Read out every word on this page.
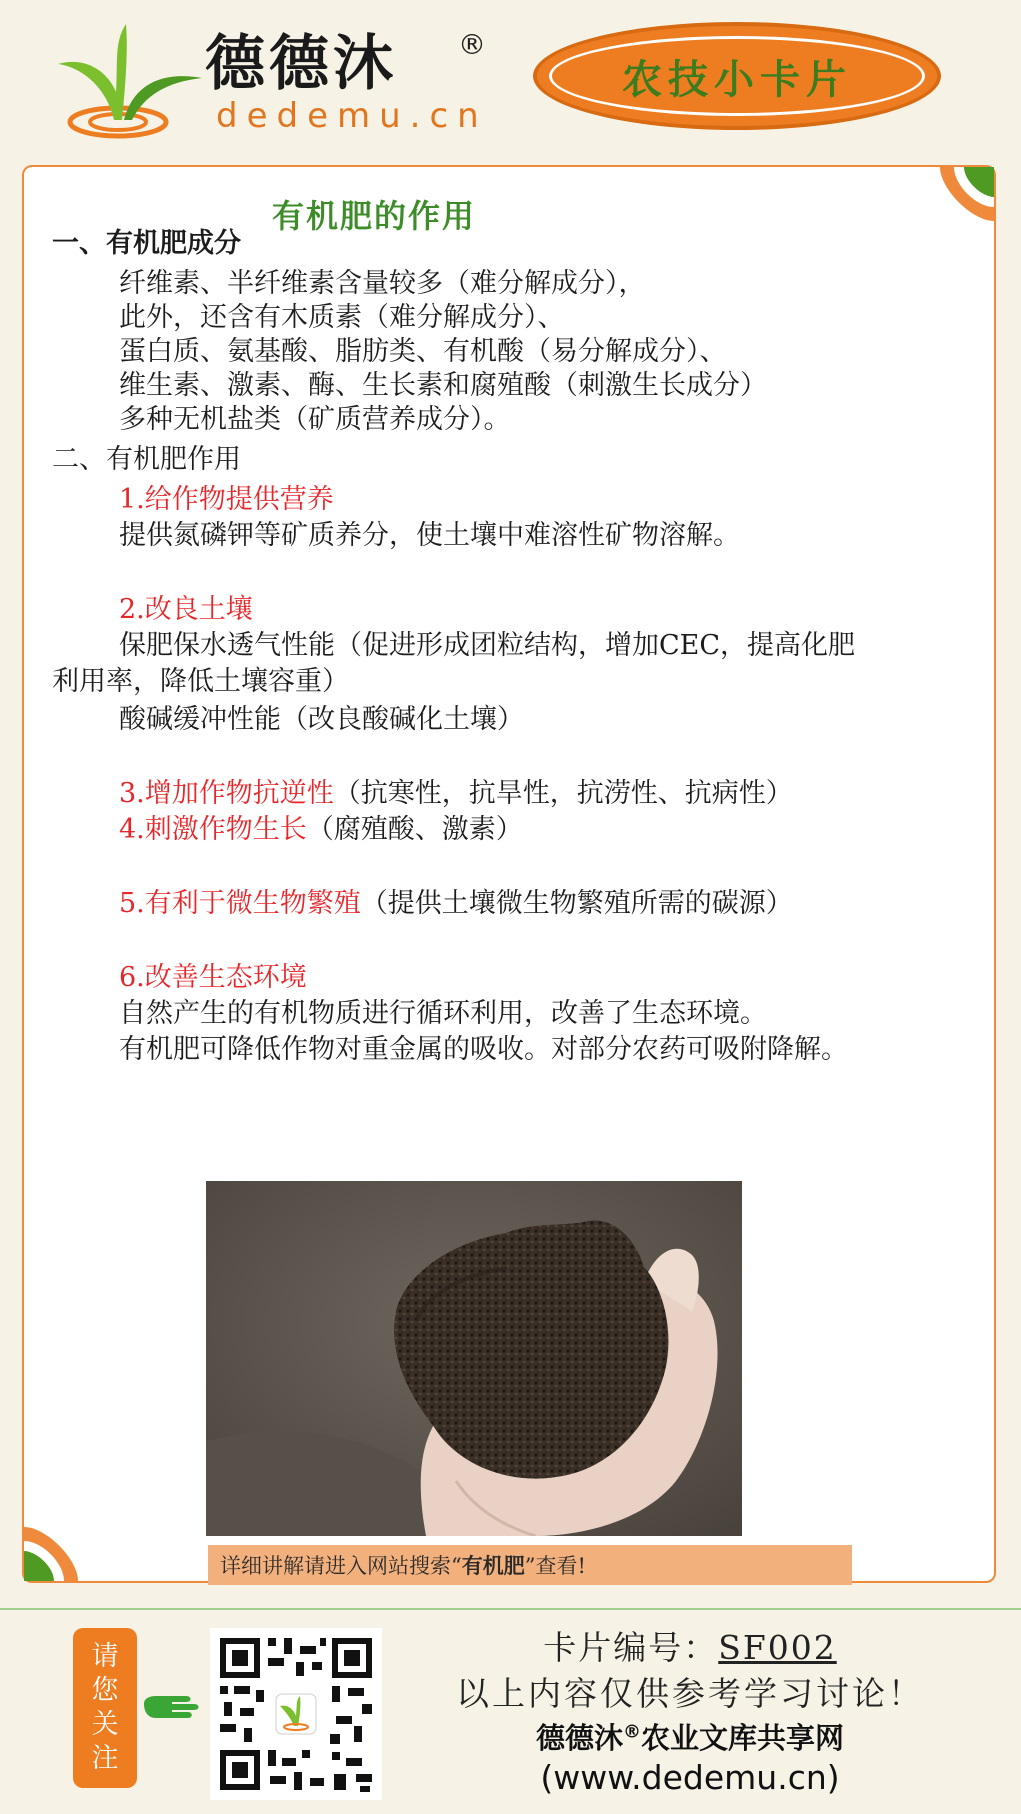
德德沐 ®
dedemu.cn
农技小卡片
有机肥的作用
一、有机肥成分
纤维素、半纤维素含量较多（难分解成分），
此外，还含有木质素（难分解成分）、
蛋白质、氨基酸、脂肪类、有机酸（易分解成分）、
维生素、激素、酶、生长素和腐殖酸（刺激生长成分）
多种无机盐类（矿质营养成分）。
二、有机肥作用
1.给作物提供营养
提供氮磷钾等矿质养分，使土壤中难溶性矿物溶解。
2.改良土壤
保肥保水透气性能（促进形成团粒结构，增加CEC，提高化肥
利用率，降低土壤容重）
酸碱缓冲性能（改良酸碱化土壤）
3.增加作物抗逆性（抗寒性，抗旱性，抗涝性、抗病性）
4.刺激作物生长（腐殖酸、激素）
5.有利于微生物繁殖（提供土壤微生物繁殖所需的碳源）
6.改善生态环境
自然产生的有机物质进行循环利用，改善了生态环境。
有机肥可降低作物对重金属的吸收。对部分农药可吸附降解。
详细讲解请进入网站搜索“有机肥”查看!
请
您
关
注
卡片编号：SF002
以上内容仅供参考学习讨论！
德德沐®农业文库共享网
(www.dedemu.cn)
